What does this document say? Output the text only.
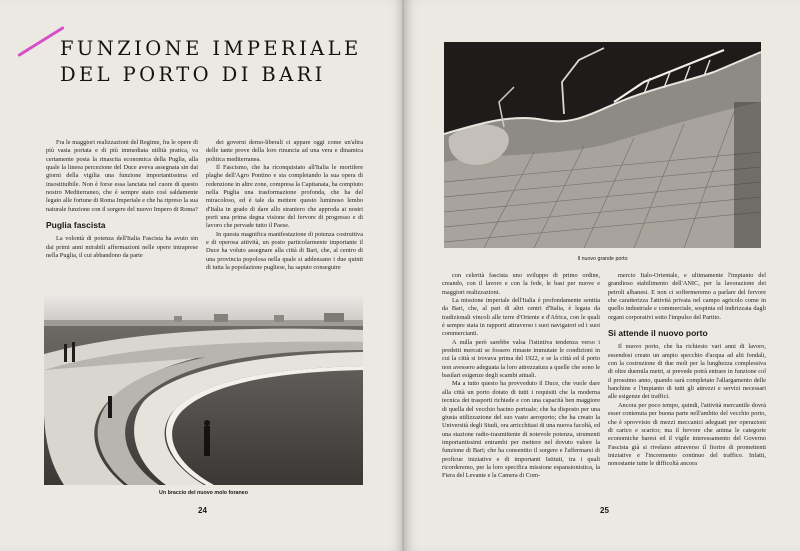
FUNZIONE IMPERIALE
DEL PORTO DI BARI

Fra le maggiori realizzazioni del Regime, fra le opere di più vasta portata e di più immediata utilità pratica, va certamente posta la rinascita economica della Puglia, alla quale la lineea percezione del Duce aveva assegnata sin dai giorni della vigilia una funzione importantissima ed insostituibile. Non è forse essa lanciata nel cuore di questo nostro Mediterraneo, che è sempre stato così saldamente legato alle fortune di Roma Imperiale e che ha ripreso la sua naturale funzione con il sorgere del nuovo Impero di Roma?

Puglia fascista

La volontà di potenza dell'Italia Fascista ha avuto sin dai primi anni mirabili affermazioni nelle opere intraprese nella Puglia, il cui abbandono da parte

dei governi demo-liberali ci appare oggi come un'altra delle tante prove della loro rinuncia ad una vera e dinamica politica mediterranea.

Il Fascismo, che ha riconquistato all'Italia le mortifere plaghe dell'Agro Pontino e sta completando la sua opera di redenzione in altre zone, compresa la Capitanata, ha compiuto nella Puglia una trasformazione profonda, che ha del miracoloso, ed è tale da mettere questo luminoso lembo d'Italia in grado di dare allo straniero che approda ai nostri porti una prima degna visione del fervore di progresso e di lavoro che pervade tutto il Paese.

In questa magnifica manifestazione di potenza costruttiva e di operosa attività, un posto particolarmente importante il Duce ha voluto assegnare alla città di Bari, che, al centro di una provincia popolosa nella quale si addensano i due quinti di tutta la popolazione pugliese, ha saputo conseguire

Un braccio del nuovo molo foraneo
24
Il nuovo grande porto

con celerità fascista uno sviluppo di primo ordine, creando, con il lavoro e con la fede, le basi per nuove e maggiori realizzazioni.

La missione imperiale dell'Italia è profondamente sentita da Bari, che, al pari di altri centri d'Italia, è legata da tradizionali vincoli alle terre d'Oriente e d'Africa, con le quali è sempre stata in rapporti attraverso i suoi navigatori ed i suoi commercianti.

A nulla però sarebbe valsa l'istintiva tendenza verso i predetti mercati se fossero rimaste immutate le condizioni in cui la città si trovava prima del 1922, e se la città ed il porto non avessero adeguata la loro attrezzatura a quelle che sono le basilari esigenze degli scambi attuali.

Ma a tutto questo ha provveduto il Duce, che vuole dare alla città un porto dotato di tutti i requisiti che la moderna tecnica dei trasporti richiede e con una capacità ben maggiore di quella del vecchio bacino portuale; che ha disposto per una giusta utilizzazione del suo vasto aeroporto; che ha creato la Università degli Studi, ora arricchitasi di una nuova facoltà, ed una stazione radio-trasmittente di notevole potenza, strumenti importantissimi entrambi per mettere nel dovuto valore la funzione di Bari; che ha consentito il sorgere e l'affermarsi di proficue iniziative e di importanti Istituti, tra i quali ricorderemo, per la loro specifica missione espansionistica, la Fiera del Levante e la Camera di Com-

mercio Italo-Orientale, e ultimamente l'impianto del grandioso stabilimento dell'ANIC, per la lavorazione dei petroli albanesi. E non ci soffermeremo a parlare del fervore che caratterizza l'attività privata nel campo agricolo come in quello industriale e commerciale, sospinta ed indirizzata dagli organi corporativi sotto l'impulso del Partito.

Si attende il nuovo porto

Il nuovo porto, che ha richiesto vari anni di lavoro, essendosi creato un ampio specchio d'acqua ad alti fondali, con la costruzione di due moli per la lunghezza complessiva di oltre duemila metri, si prevede potrà entrare in funzione col il prossimo anno, quando sarà completato l'allargamento delle banchine e l'impianto di tutti gli attrezzi e servizi necessari alle esigenze dei traffici.

Ancora per poco tempo, quindi, l'attività mercantile dovrà esser contenuta per buona parte nell'ambito del vecchio porto, che è sprovvisto di mezzi meccanici adeguati per operazioni di carico e scarico; ma il fervore che anima le categorie economiche baresi ed il vigile interessamento del Governo Fascista già si rivelano attraverso il fiorire di promettenti iniziative e l'incremento continuo del traffico. Infatti, nonostante tutte le difficoltà ancora

25
